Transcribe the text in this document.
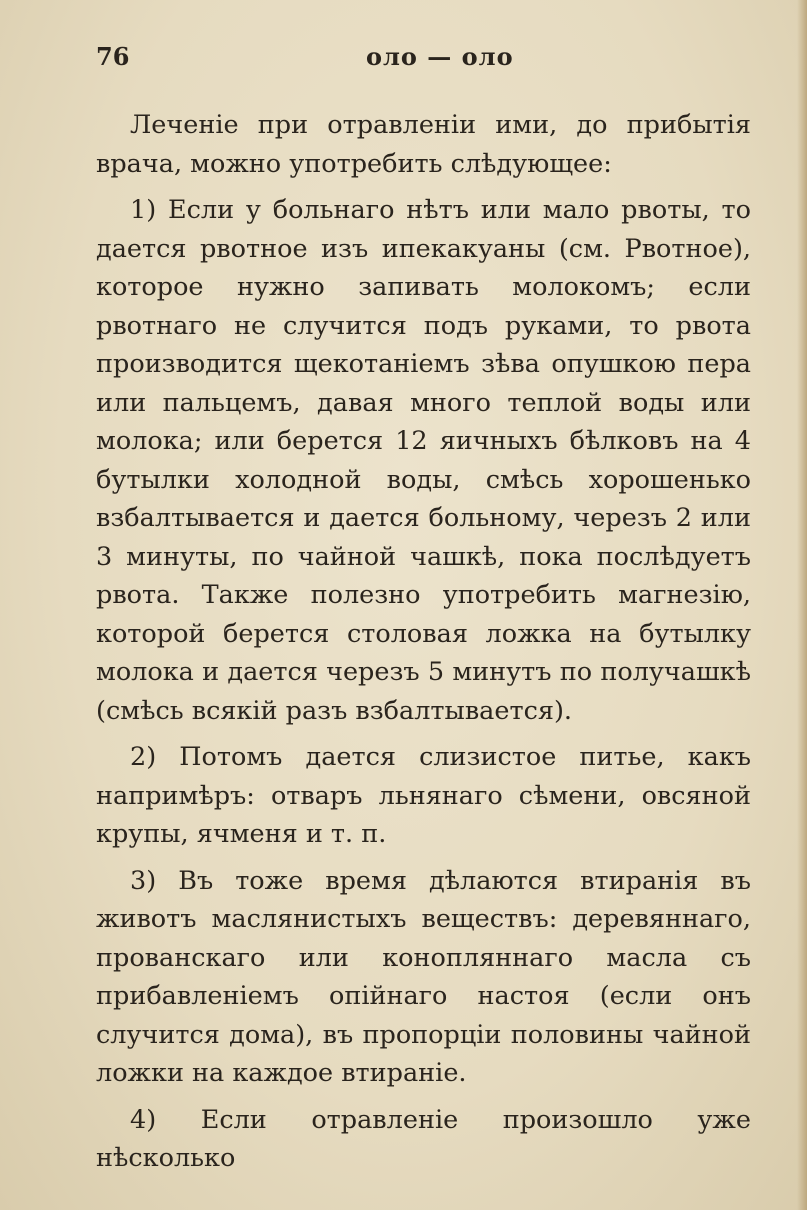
76	оло — оло

Леченіе при отравленіи ими, до прибытія врача, можно употребить слѣдующее:

1) Если у больнаго нѣтъ или мало рвоты, то дается рвотное изъ ипекакуаны (см. Рвотное), которое нужно запивать молокомъ; если рвотнаго не случится подъ руками, то рвота производится щекотаніемъ зѣва опушкою пера или пальцемъ, давая много теплой воды или молока; или берется 12 яичныхъ бѣлковъ на 4 бутылки холодной воды, смѣсь хорошенько взбалтывается и дается больному, черезъ 2 или 3 минуты, по чайной чашкѣ, пока послѣдуетъ рвота. Также полезно употребить магнезію, которой берется столовая ложка на бутылку молока и дается черезъ 5 минутъ по получашкѣ (смѣсь всякій разъ взбалтывается).

2) Потомъ дается слизистое питье, какъ напримѣръ: отваръ льнянаго сѣмени, овсяной крупы, ячменя и т. п.

3) Въ тоже время дѣлаются втиранія въ животъ маслянистыхъ веществъ: деревяннаго, прованскаго или конопляннаго масла съ прибавленіемъ опійнаго настоя (если онъ случится дома), въ пропорціи половины чайной ложки на каждое втираніе.

4) Если отравленіе произошло уже нѣсколько
